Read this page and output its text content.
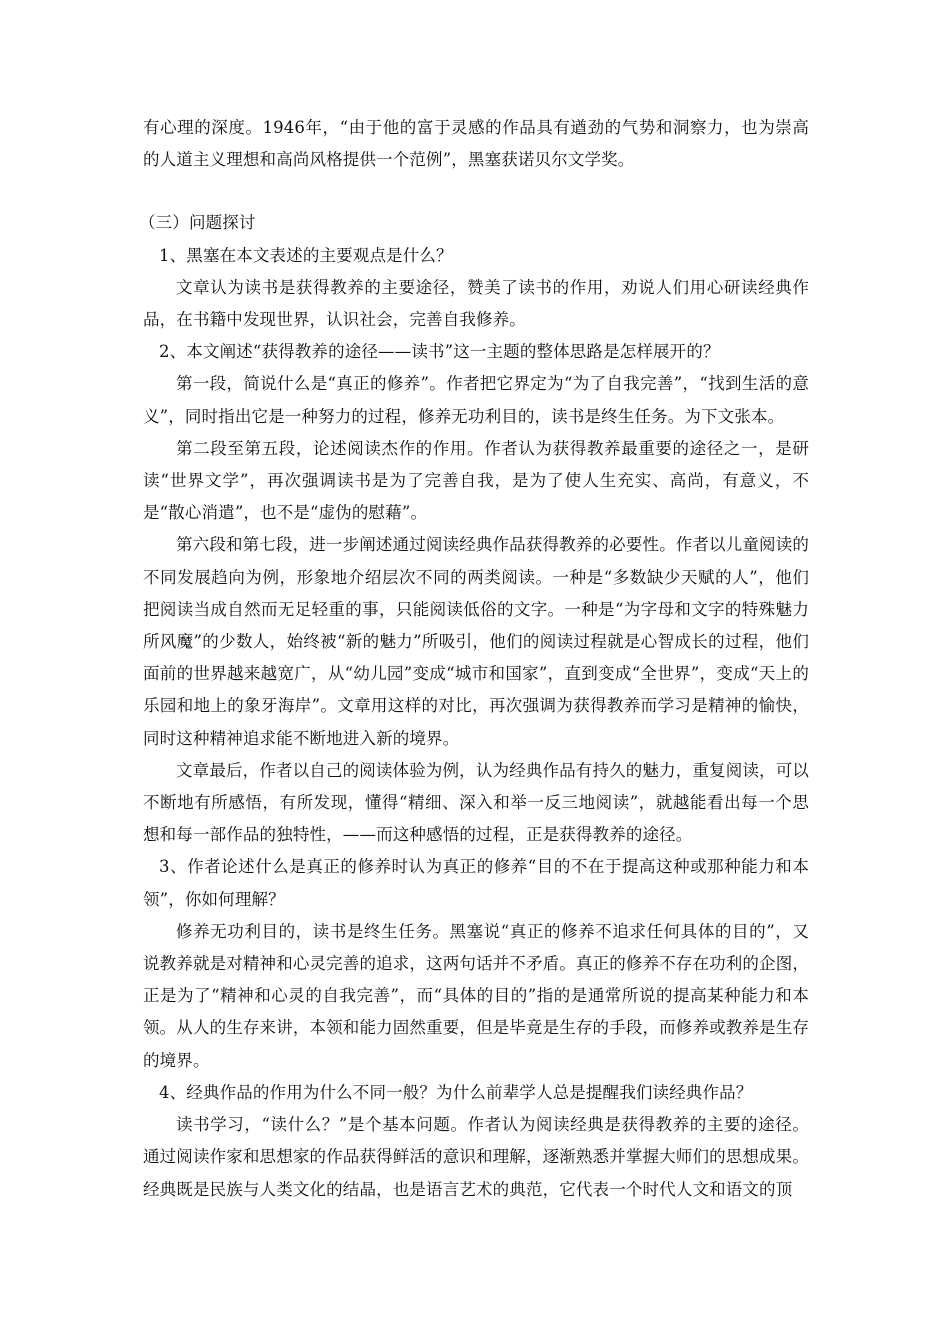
有心理的深度。1946年，“由于他的富于灵感的作品具有遒劲的气势和洞察力，也为崇高的人道主义理想和高尚风格提供一个范例”，黑塞获诺贝尔文学奖。

（三）问题探讨

1、黑塞在本文表述的主要观点是什么？

文章认为读书是获得教养的主要途径，赞美了读书的作用，劝说人们用心研读经典作品，在书籍中发现世界，认识社会，完善自我修养。

2、本文阐述“获得教养的途径——读书”这一主题的整体思路是怎样展开的？

第一段，简说什么是“真正的修养”。作者把它界定为“为了自我完善”，“找到生活的意义”，同时指出它是一种努力的过程，修养无功利目的，读书是终生任务。为下文张本。

第二段至第五段，论述阅读杰作的作用。作者认为获得教养最重要的途径之一，是研读“世界文学”，再次强调读书是为了完善自我，是为了使人生充实、高尚，有意义，不是“散心消遣”，也不是“虚伪的慰藉”。

第六段和第七段，进一步阐述通过阅读经典作品获得教养的必要性。作者以儿童阅读的不同发展趋向为例，形象地介绍层次不同的两类阅读。一种是“多数缺少天赋的人”，他们把阅读当成自然而无足轻重的事，只能阅读低俗的文字。一种是“为字母和文字的特殊魅力所风魔”的少数人，始终被“新的魅力”所吸引，他们的阅读过程就是心智成长的过程，他们面前的世界越来越宽广，从“幼儿园”变成“城市和国家”，直到变成“全世界”，变成“天上的乐园和地上的象牙海岸”。文章用这样的对比，再次强调为获得教养而学习是精神的愉快，同时这种精神追求能不断地进入新的境界。

文章最后，作者以自己的阅读体验为例，认为经典作品有持久的魅力，重复阅读，可以不断地有所感悟，有所发现，懂得“精细、深入和举一反三地阅读”，就越能看出每一个思想和每一部作品的独特性，——而这种感悟的过程，正是获得教养的途径。

3、作者论述什么是真正的修养时认为真正的修养“目的不在于提高这种或那种能力和本领”，你如何理解？

修养无功利目的，读书是终生任务。黑塞说“真正的修养不追求任何具体的目的”，又说教养就是对精神和心灵完善的追求，这两句话并不矛盾。真正的修养不存在功利的企图，正是为了“精神和心灵的自我完善”，而“具体的目的”指的是通常所说的提高某种能力和本领。从人的生存来讲，本领和能力固然重要，但是毕竟是生存的手段，而修养或教养是生存的境界。

4、经典作品的作用为什么不同一般？为什么前辈学人总是提醒我们读经典作品？

读书学习，“读什么？”是个基本问题。作者认为阅读经典是获得教养的主要的途径。通过阅读作家和思想家的作品获得鲜活的意识和理解，逐渐熟悉并掌握大师们的思想成果。经典既是民族与人类文化的结晶，也是语言艺术的典范，它代表一个时代人文和语文的顶
